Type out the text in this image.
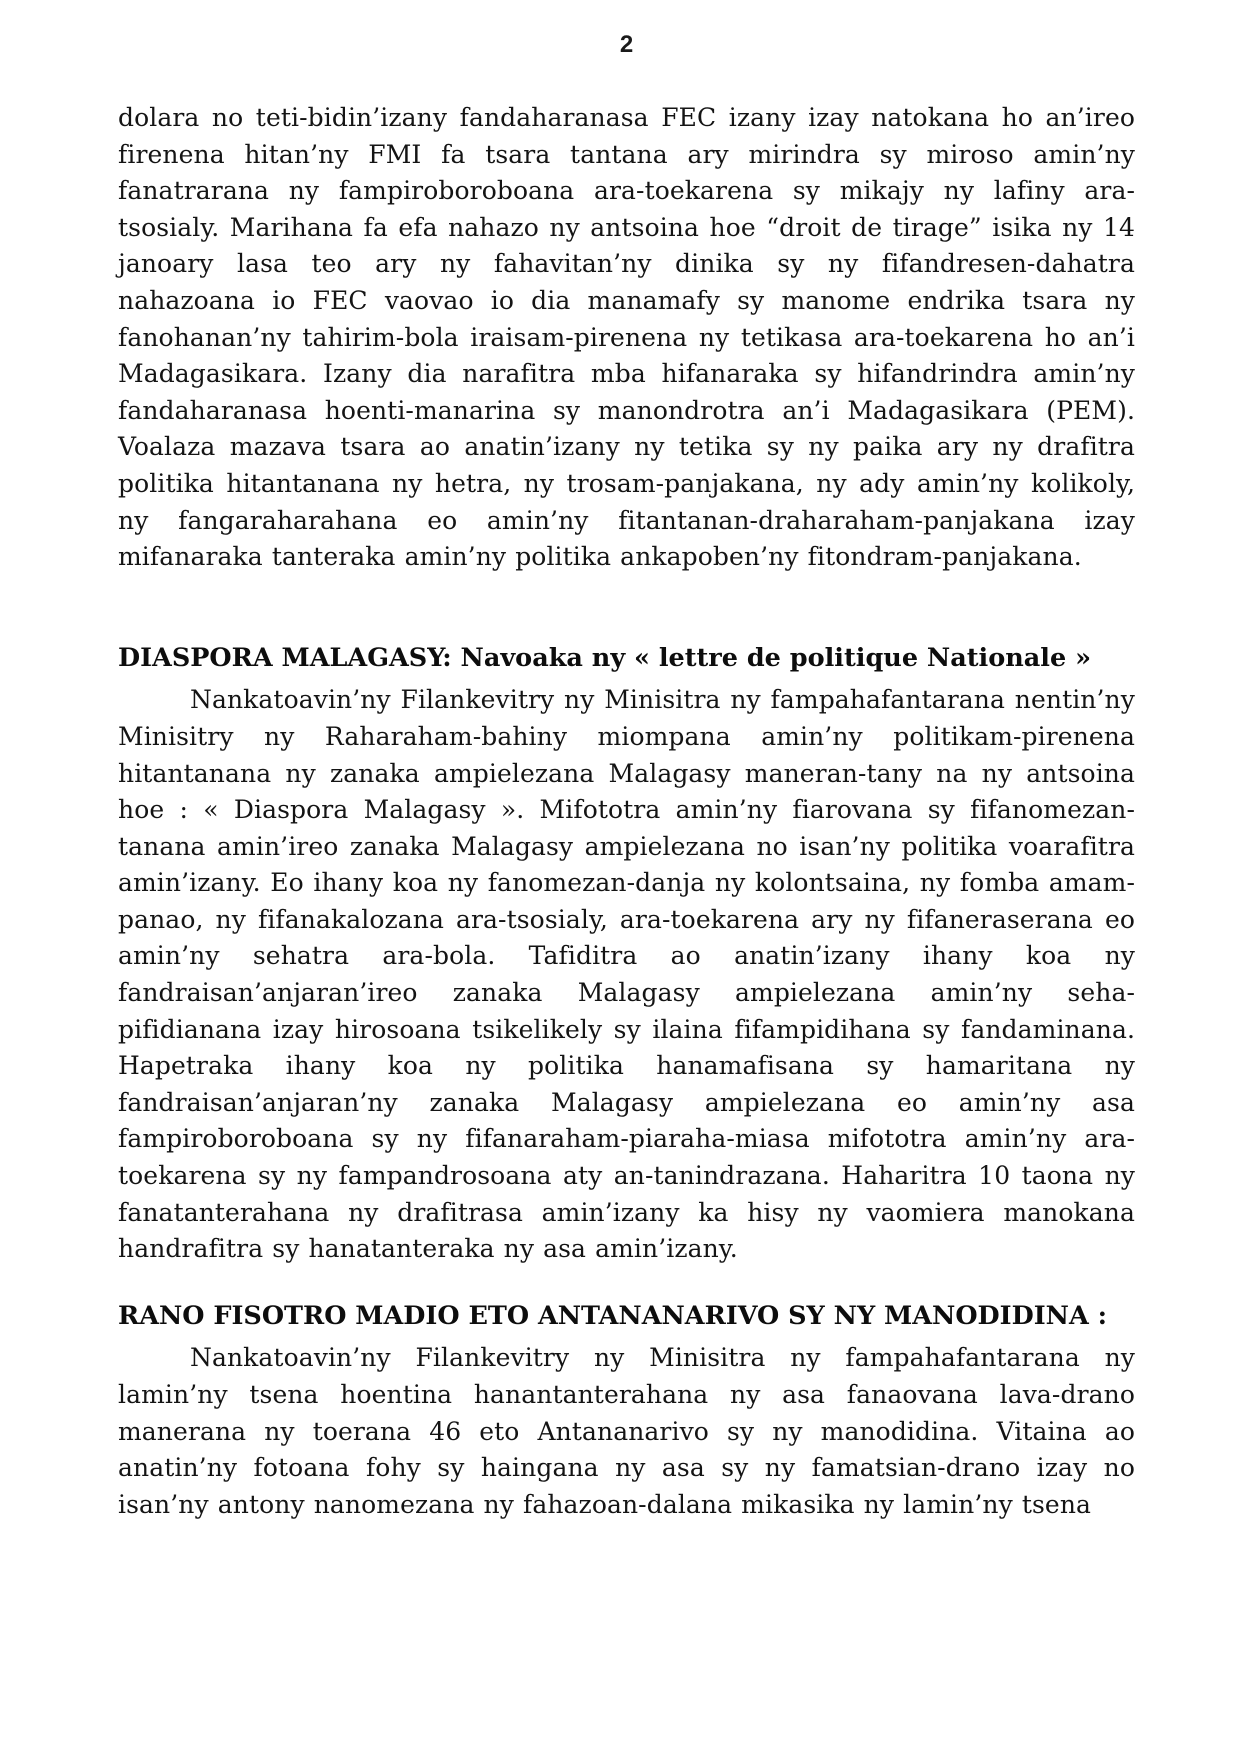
2

dolara no teti-bidin’izany fandaharanasa FEC izany izay natokana ho an’ireo firenena hitan’ny FMI fa tsara tantana ary mirindra sy miroso amin’ny fanatrarana ny fampiroboroboana ara-toekarena sy mikajy ny lafiny ara-tsosialy. Marihana fa efa nahazo ny antsoina hoe “droit de tirage” isika ny 14 janoary lasa teo ary ny fahavitan’ny dinika sy ny fifandresen-dahatra nahazoana io FEC vaovao io dia manamafy sy manome endrika tsara ny fanohanan’ny tahirim-bola iraisam-pirenena ny tetikasa ara-toekarena ho an’i Madagasikara. Izany dia narafitra mba hifanaraka sy hifandrindra amin’ny fandaharanasa hoenti-manarina sy manondrotra an’i Madagasikara (PEM). Voalaza mazava tsara ao anatin’izany ny tetika sy ny paika ary ny drafitra politika hitantanana ny hetra, ny trosam-panjakana, ny ady amin’ny kolikoly, ny fangaraharahana eo amin’ny fitantanan-draharaham-panjakana izay mifanaraka tanteraka amin’ny politika ankapoben’ny fitondram-panjakana.

DIASPORA MALAGASY: Navoaka ny « lettre de politique Nationale »

Nankatoavin’ny Filankevitry ny Minisitra ny fampahafantarana nentin’ny Minisitry ny Raharaham-bahiny miompana amin’ny politikam-pirenena hitantanana ny zanaka ampielezana Malagasy maneran-tany na ny antsoina hoe : « Diaspora Malagasy ». Mifototra amin’ny fiarovana sy fifanomezan-tanana amin’ireo zanaka Malagasy ampielezana no isan’ny politika voarafitra amin’izany. Eo ihany koa ny fanomezan-danja ny kolontsaina, ny fomba amam-panao, ny fifanakalozana ara-tsosialy, ara-toekarena ary ny fifaneraserana eo amin’ny sehatra ara-bola. Tafiditra ao anatin’izany ihany koa ny fandraisan’anjaran’ireo zanaka Malagasy ampielezana amin’ny seha-pifidianana izay hirosoana tsikelikely sy ilaina fifampidihana sy fandaminana. Hapetraka ihany koa ny politika hanamafisana sy hamaritana ny fandraisan’anjaran’ny zanaka Malagasy ampielezana eo amin’ny asa fampiroboroboana sy ny fifanaraham-piaraha-miasa mifototra amin’ny ara-toekarena sy ny fampandrosoana aty an-tanindrazana. Haharitra 10 taona ny fanatanterahana ny drafitrasa amin’izany ka hisy ny vaomiera manokana handrafitra sy hanatanteraka ny asa amin’izany.

RANO FISOTRO MADIO ETO ANTANANARIVO SY NY MANODIDINA :

Nankatoavin’ny Filankevitry ny Minisitra ny fampahafantarana ny lamin’ny tsena hoentina hanantanterahana ny asa fanaovana lava-drano manerana ny toerana 46 eto Antananarivo sy ny manodidina. Vitaina ao anatin’ny fotoana fohy sy haingana ny asa sy ny famatsian-drano izay no isan’ny antony nanomezana ny fahazoan-dalana mikasika ny lamin’ny tsena
